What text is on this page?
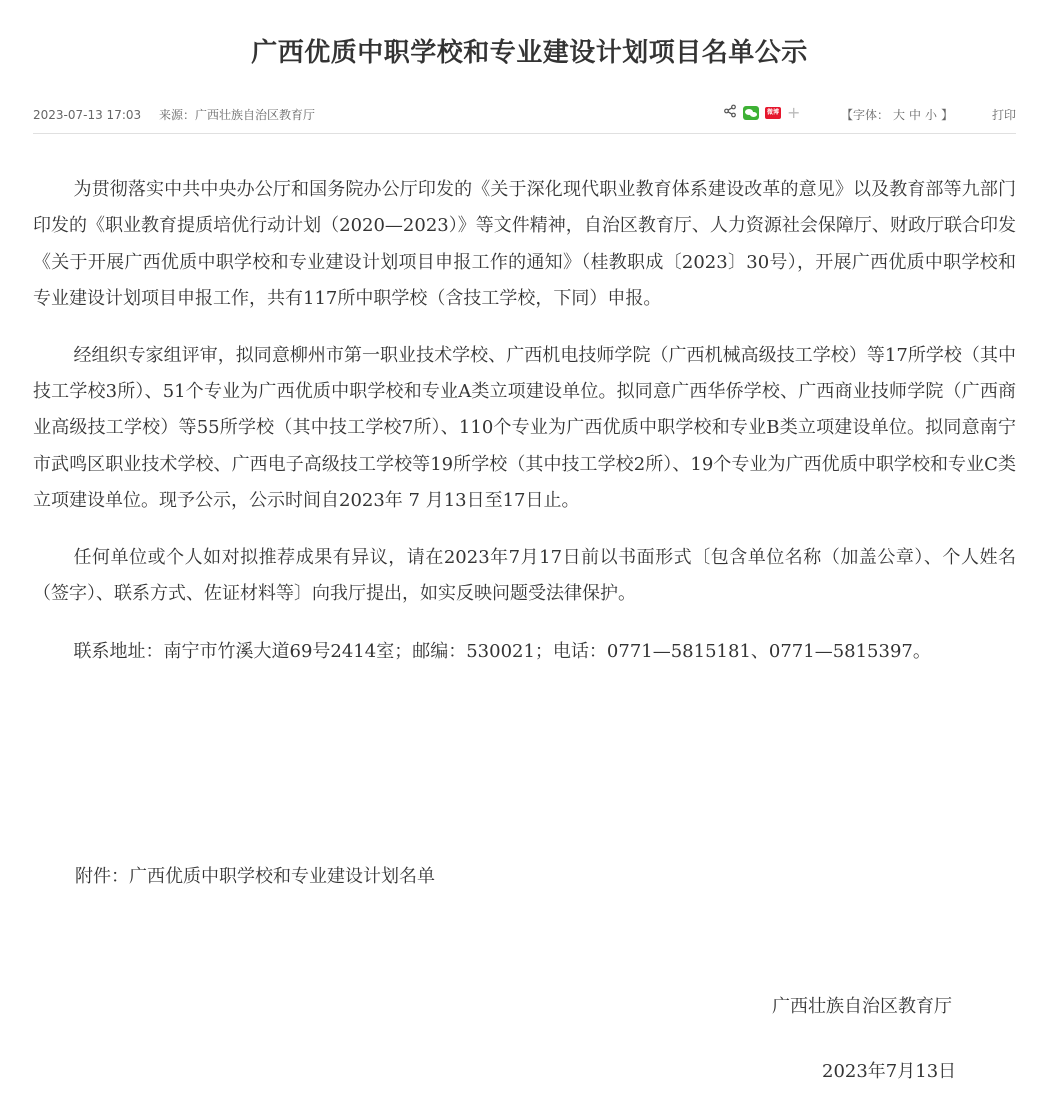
广西优质中职学校和专业建设计划项目名单公示
2023-07-13 17:03 来源：广西壮族自治区教育厅	微博 +	【字体： 大 中 小 】	打印

为贯彻落实中共中央办公厅和国务院办公厅印发的《关于深化现代职业教育体系建设改革的意见》以及教育部等九部门印发的《职业教育提质培优行动计划（2020—2023）》等文件精神，自治区教育厅、人力资源社会保障厅、财政厅联合印发《关于开展广西优质中职学校和专业建设计划项目申报工作的通知》（桂教职成〔2023〕30号），开展广西优质中职学校和专业建设计划项目申报工作，共有117所中职学校（含技工学校，下同）申报。

经组织专家组评审，拟同意柳州市第一职业技术学校、广西机电技师学院（广西机械高级技工学校）等17所学校（其中技工学校3所）、51个专业为广西优质中职学校和专业A类立项建设单位。拟同意广西华侨学校、广西商业技师学院（广西商业高级技工学校）等55所学校（其中技工学校7所）、110个专业为广西优质中职学校和专业B类立项建设单位。拟同意南宁市武鸣区职业技术学校、广西电子高级技工学校等19所学校（其中技工学校2所）、19个专业为广西优质中职学校和专业C类立项建设单位。现予公示，公示时间自2023年 7 月13日至17日止。

任何单位或个人如对拟推荐成果有异议，请在2023年7月17日前以书面形式〔包含单位名称（加盖公章）、个人姓名（签字）、联系方式、佐证材料等〕向我厅提出，如实反映问题受法律保护。

联系地址：南宁市竹溪大道69号2414室；邮编：530021；电话：0771—5815181、0771—5815397。

附件：广西优质中职学校和专业建设计划名单
广西壮族自治区教育厅
2023年7月13日
